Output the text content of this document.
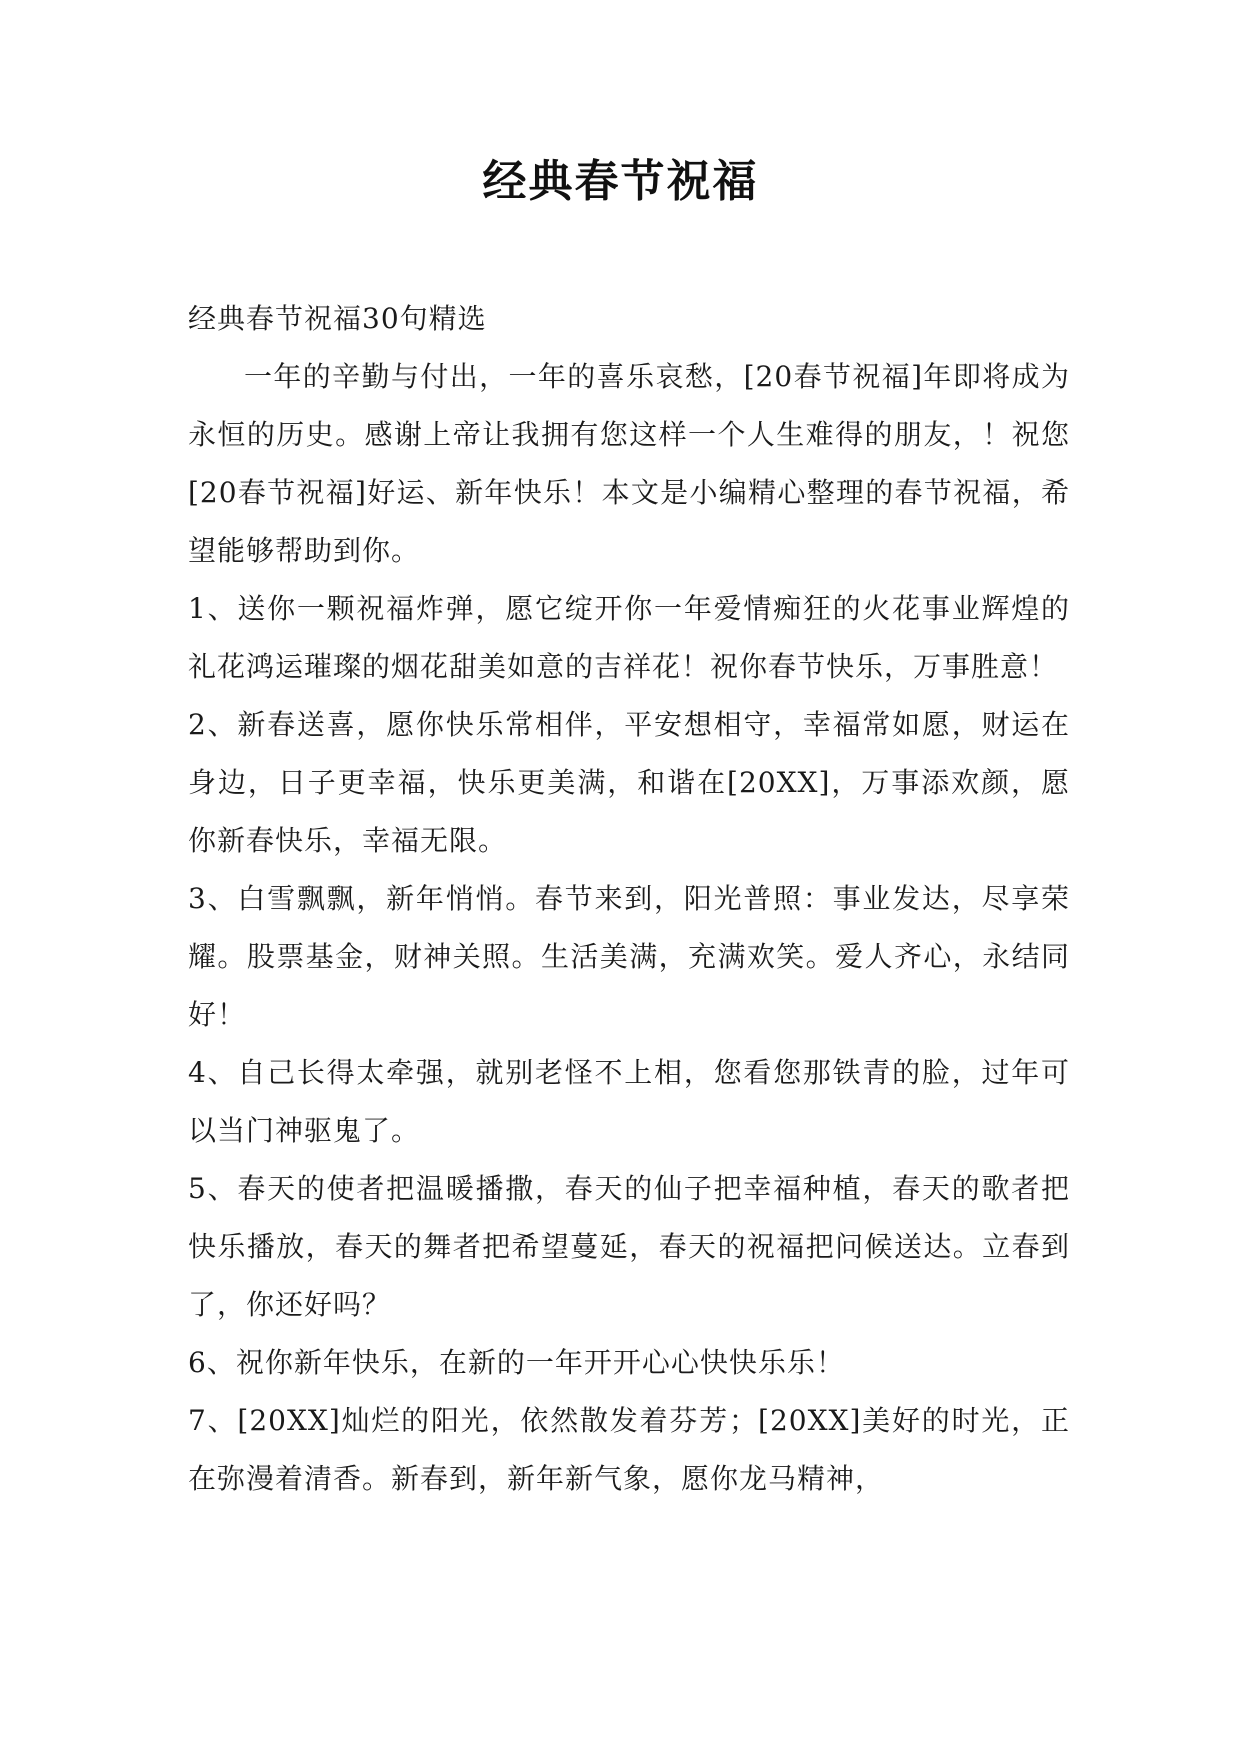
经典春节祝福

经典春节祝福30句精选

一年的辛勤与付出，一年的喜乐哀愁，[20春节祝福]年即将成为永恒的历史。感谢上帝让我拥有您这样一个人生难得的朋友，！祝您[20春节祝福]好运、新年快乐！本文是小编精心整理的春节祝福，希望能够帮助到你。

1、送你一颗祝福炸弹，愿它绽开你一年爱情痴狂的火花事业辉煌的礼花鸿运璀璨的烟花甜美如意的吉祥花！祝你春节快乐，万事胜意！

2、新春送喜，愿你快乐常相伴，平安想相守，幸福常如愿，财运在身边，日子更幸福，快乐更美满，和谐在[20XX]，万事添欢颜，愿你新春快乐，幸福无限。

3、白雪飘飘，新年悄悄。春节来到，阳光普照：事业发达，尽享荣耀。股票基金，财神关照。生活美满，充满欢笑。爱人齐心，永结同好！

4、自己长得太牵强，就别老怪不上相，您看您那铁青的脸，过年可以当门神驱鬼了。

5、春天的使者把温暖播撒，春天的仙子把幸福种植，春天的歌者把快乐播放，春天的舞者把希望蔓延，春天的祝福把问候送达。立春到了，你还好吗？

6、祝你新年快乐，在新的一年开开心心快快乐乐！

7、[20XX]灿烂的阳光，依然散发着芬芳；[20XX]美好的时光，正在弥漫着清香。新春到，新年新气象，愿你龙马精神，
